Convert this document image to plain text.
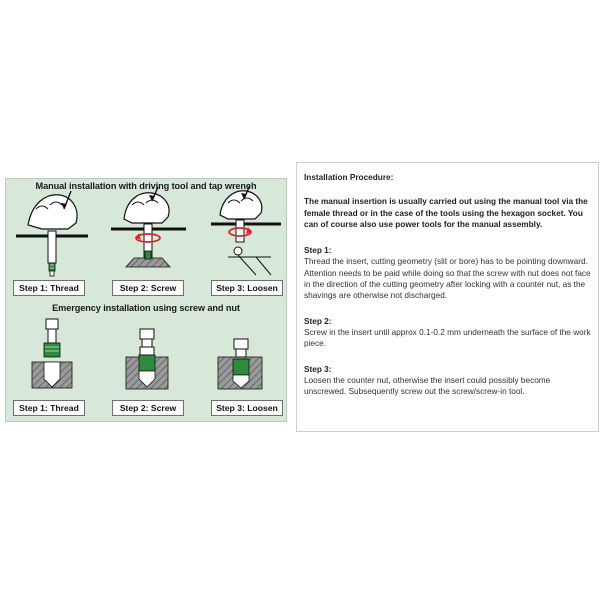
Manual installation with driving tool and tap wrench
Step 1: Thread	Step 2: Screw	Step 3: Loosen
Emergency installation using screw and nut
Step 1: Thread	Step 2: Screw	Step 3: Loosen

Installation Procedure:

The manual insertion is usually carried out using the manual tool via the female thread or in the case of the tools using the hexagon socket. You can of course also use power tools for the manual assembly.

Step 1:

Thread the insert, cutting geometry (slit or bore) has to be pointing downward. Attention needs to be paid while doing so that the screw with nut does not face in the direction of the cutting geometry after locking with a counter nut, as the shavings are otherwise not discharged.

Step 2:

Screw in the insert until approx 0.1-0.2 mm underneath the surface of the work piece.

Step 3:

Loosen the counter nut, otherwise the insert could possibly become unscrewed. Subsequently screw out the screw/screw-in tool.
